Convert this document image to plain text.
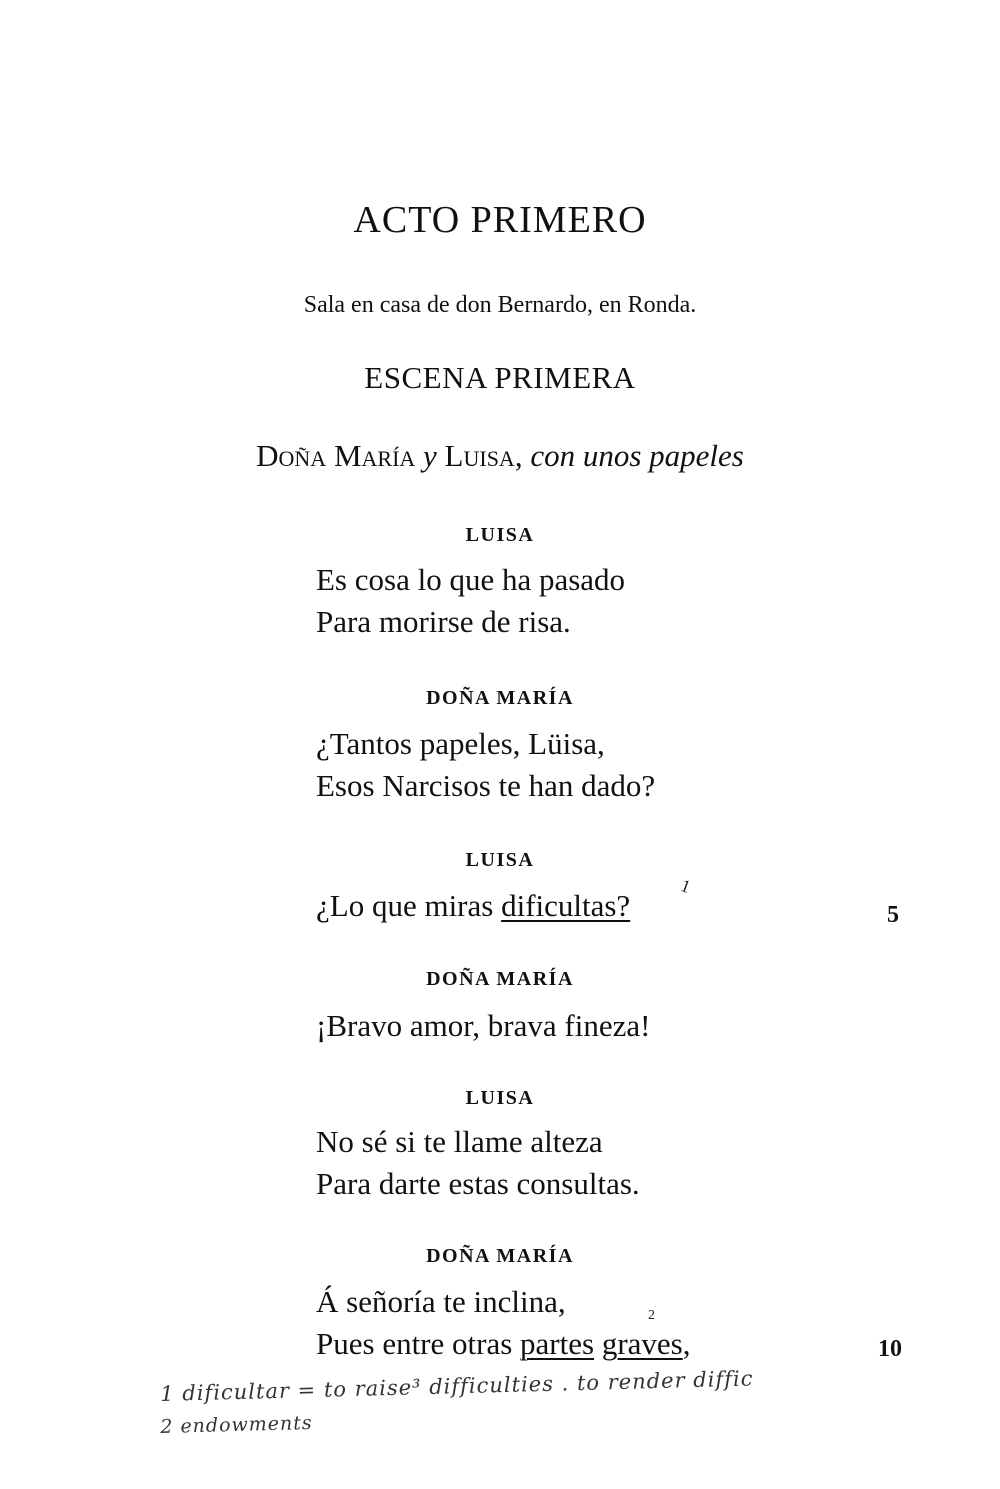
ACTO PRIMERO
Sala en casa de don Bernardo, en Ronda.
ESCENA PRIMERA
Doña María y Luisa, con unos papeles
LUISA
Es cosa lo que ha pasado
Para morirse de risa.
DOÑA MARÍA
¿Tantos papeles, Lüisa,
Esos Narcisos te han dado?
LUISA
¿Lo que miras dificultas?
1
5
DOÑA MARÍA
¡Bravo amor, brava fineza!
LUISA
No sé si te llame alteza
Para darte estas consultas.
DOÑA MARÍA
Á señoría te inclina,	2
Pues entre otras partes graves,	10
1 dificultar = to raise³ difficulties . to render diffic
2 endowments
